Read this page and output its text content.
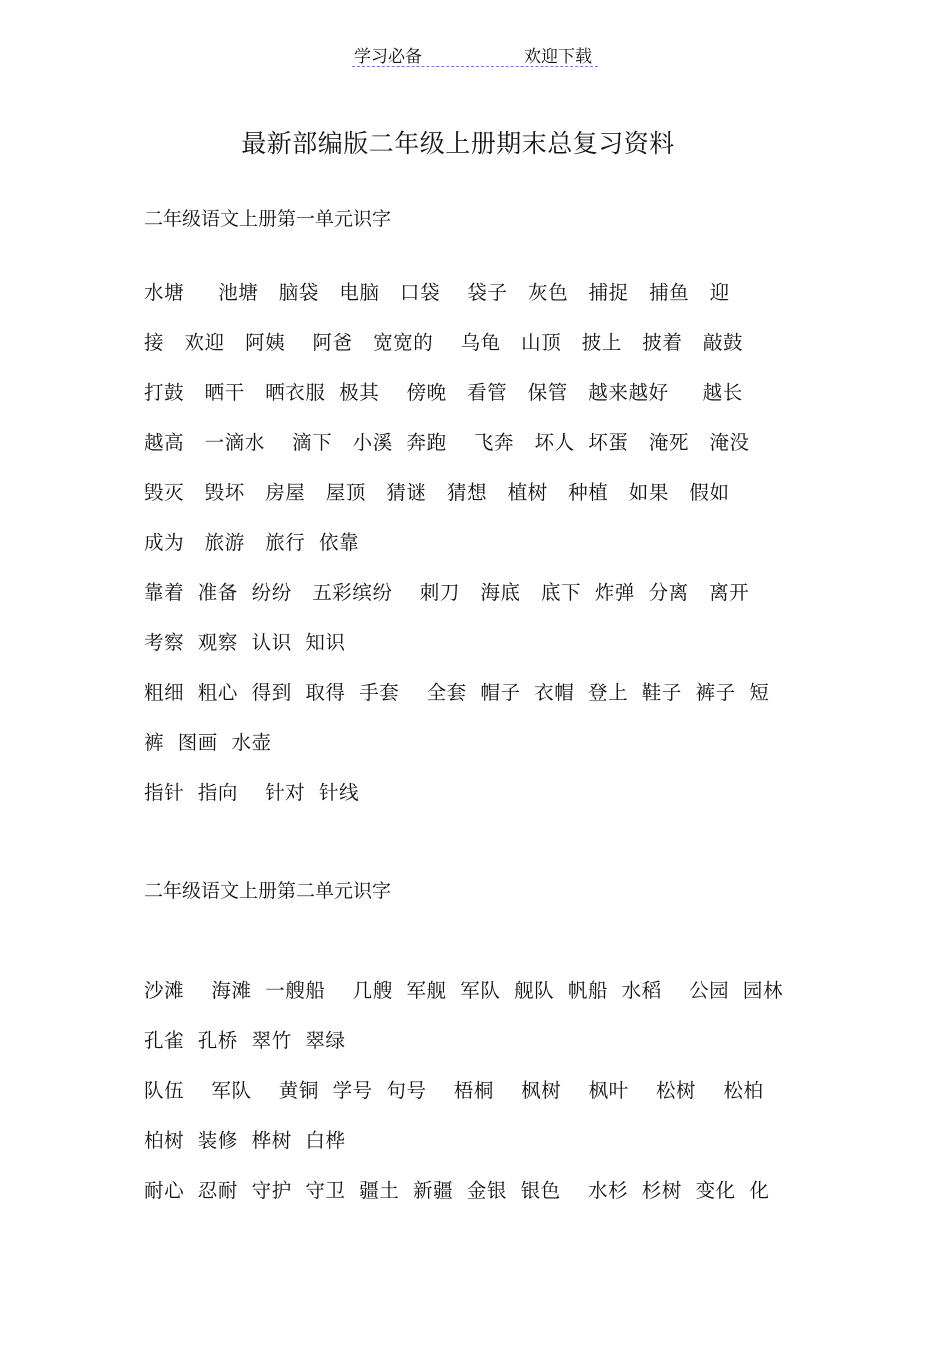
学习必备	欢迎下载
最新部编版二年级上册期末总复习资料
二年级语文上册第一单元识字
水塘     池塘   脑袋   电脑   口袋    袋子   灰色   捕捉   捕鱼   迎
接   欢迎   阿姨    阿爸   宽宽的    乌龟   山顶   披上   披着   敲鼓
打鼓   晒干   晒衣服  极其    傍晚   看管   保管   越来越好     越长
越高   一滴水    滴下   小溪  奔跑    飞奔   坏人  坏蛋   淹死   淹没
毁灭   毁坏   房屋   屋顶   猜谜   猜想   植树   种植   如果   假如
成为   旅游   旅行  依靠
靠着  准备  纷纷   五彩缤纷    刺刀   海底   底下  炸弹  分离   离开
考察  观察  认识  知识
粗细  粗心  得到  取得  手套    全套  帽子  衣帽  登上  鞋子  裤子  短
裤  图画  水壶
指针  指向    针对  针线
二年级语文上册第二单元识字
沙滩    海滩  一艘船    几艘  军舰  军队  舰队  帆船  水稻    公园  园林
孔雀  孔桥  翠竹  翠绿
队伍    军队    黄铜  学号  句号    梧桐    枫树    枫叶    松树    松柏
柏树  装修  桦树  白桦
耐心  忍耐  守护  守卫  疆土  新疆  金银  银色    水杉  杉树  变化  化
